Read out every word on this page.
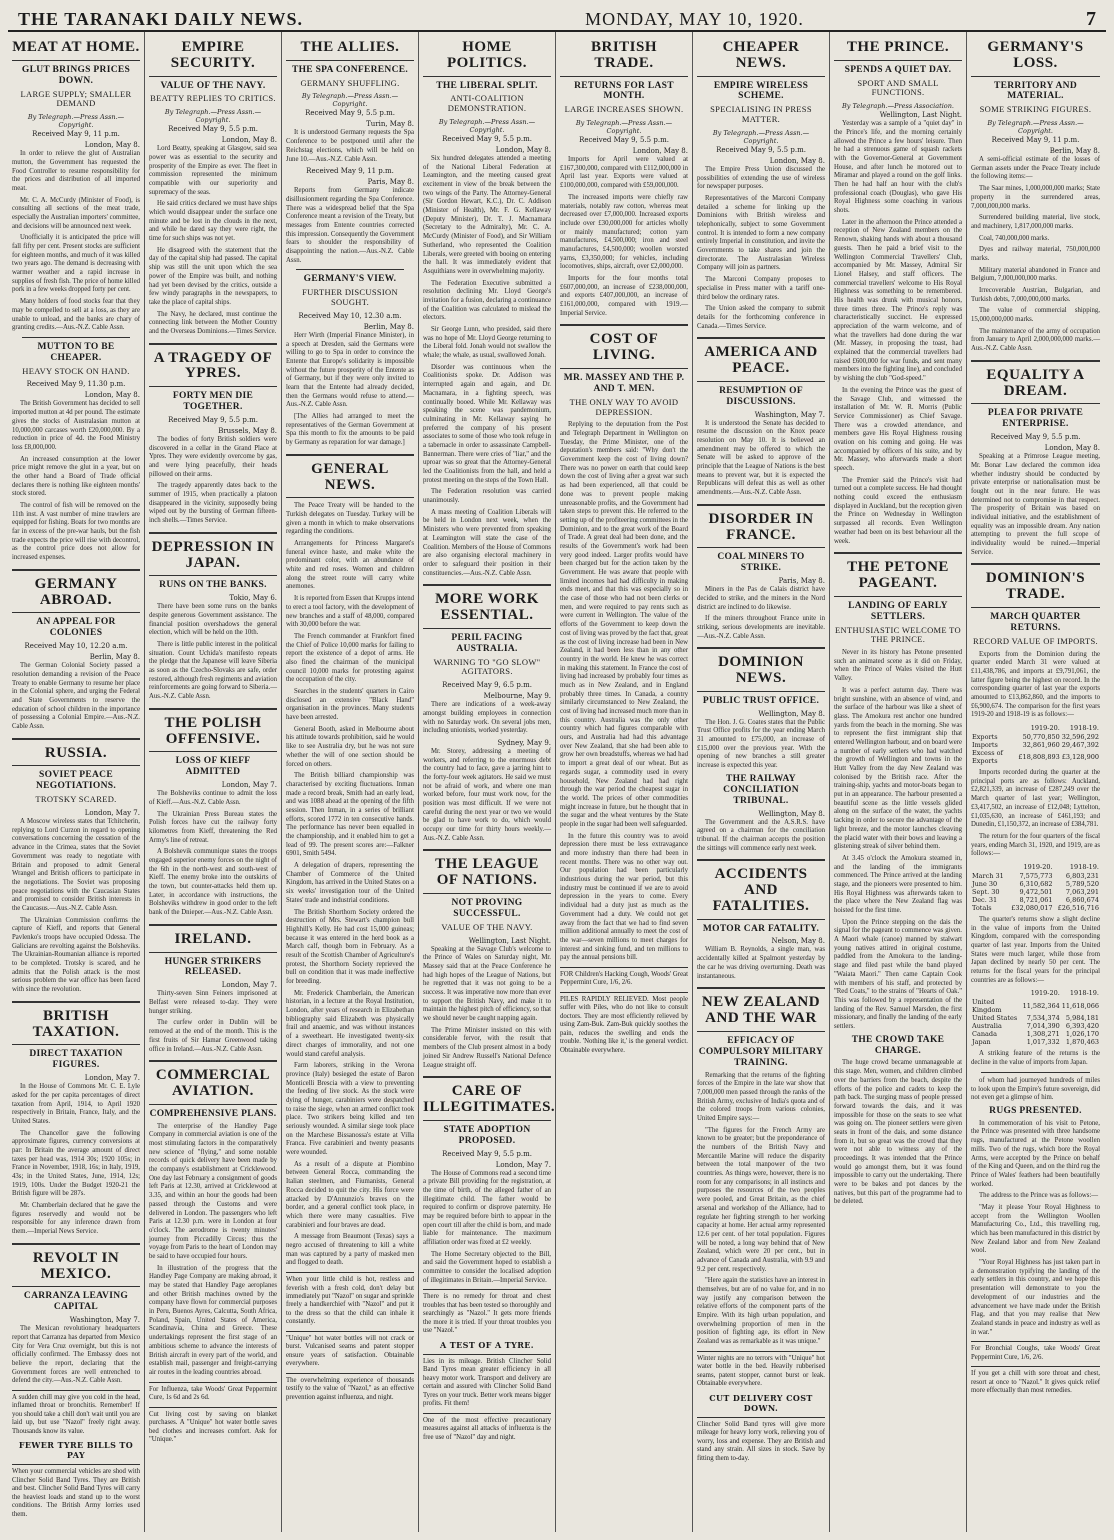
THE TARANAKI DAILY NEWS.	MONDAY, MAY 10, 1920.	7
MEAT AT HOME.
GLUT BRINGS PRICES DOWN.
LARGE SUPPLY; SMALLER DEMAND
By Telegraph.—Press Assn.—Copyright.
Received May 9, 11 p.m.
London, May 8.

In order to relieve the glut of Australian mutton, the Government has requested the Food Controller to resume responsibility for the prices and distribution of all imported meat.

Mr. C. A. McCurdy (Minister of Food), is consulting all sections of the meat trade, especially the Australian importers' committee, and decisions will be announced next week.

Unofficially it is anticipated the price will fall fifty per cent. Present stocks are sufficient for eighteen months, and much of it was killed two years ago. The demand is decreasing with warmer weather and a rapid increase in supplies of fresh fish. The price of home killed pork in a few weeks dropped forty per cent.

Many holders of food stocks fear that they may be compelled to sell at a loss, as they are unable to unload, and the banks are chary of granting credits.—Aus.-N.Z. Cable Assn.

MUTTON TO BE CHEAPER.
HEAVY STOCK ON HAND.
Received May 9, 11.30 p.m.
London, May 8.

The British Government has decided to sell imported mutton at 4d per pound. The estimate gives the stocks of Australasian mutton at 10,000,000 carcases worth £20,000,000. By a reduction in price of 4d. the Food Ministry loss £8,000,000.

An increased consumption at the lower price might remove the glut in a year, but on the other hand a Board of Trade official declares there is nothing like eighteen months' stock stored.

The control of fish will be removed on the 11th inst. A vast number of mine trawlers are equipped for fishing. Boats for two months are far in excess of the pre-war hauls, but the fish trade expects the price will rise with decontrol, as the control price does not allow for increased expenses.

GERMANY ABROAD.
AN APPEAL FOR COLONIES
Received May 10, 12.20 a.m.
Berlin, May 8.

The German Colonial Society passed a resolution demanding a revision of the Peace Treaty to enable Germany to resume her place in the Colonial sphere, and urging the Federal and State Governments to reserve the education of school children in the importance of possessing a Colonial Empire.—Aus.-N.Z. Cable Assn.

RUSSIA.
SOVIET PEACE NEGOTIATIONS.
TROTSKY SCARED.
London, May 7.

A Moscow wireless states that Tchitcherin, replying to Lord Curzon in regard to opening conversations concerning the cessation of the advance in the Crimea, states that the Soviet Government was ready to negotiate with Britain and proposed to admit General Wrangel and British officers to participate in the negotiations. The Soviet was proposing peace negotiations with the Caucasian States and promised to consider British interests in the Caucasus.—Aus.-N.Z. Cable Assn.

The Ukrainian Commission confirms the capture of Kieff, and reports that General Pavlenko's troops have occupied Odessa. The Galicians are revolting against the Bolsheviks. The Ukrainian-Roumanian alliance is reported to be completed. Trotsky is scared, and he admits that the Polish attack is the most serious problem the war office has been faced with since the revolution.

BRITISH TAXATION.
DIRECT TAXATION FIGURES.
London, May 7.

In the House of Commons Mr. C. E. Lyle asked for the per capita percentages of direct taxation from April, 1914, to April 1920 respectively in Britain, France, Italy, and the United States.

The Chancellor gave the following approximate figures, currency conversions at par: In Britain the average amount of direct taxes per head was, 1914 30s; 1920 105s; in France in November, 1918, 16s; in Italy, 1919, 43s; in the United States, June, 1914, 12s; 1919, 100s. Under the Budget 1920-21 the British figure will be 287s.

Mr. Chamberlain declared that he gave the figures reservedly and would not be responsible for any inference drawn from them.—Imperial News Service.

REVOLT IN MEXICO.
CARRANZA LEAVING CAPITAL
Washington, May 7.

The Mexican revolutionary headquarters report that Carranza has departed from Mexico City for Vera Cruz overnight, but this is not officially confirmed. The Embassy does not believe the report, declaring that the Government forces are well entrenched to defend the city.—Aus.-N.Z. Cable Assn.

A sudden chill may give you cold in the head, inflamed throat or bronchitis. Remember! If you should take a chill don't wait until you are laid up, but use "Nazol" freely right away. Thousands know its value.
FEWER TYRE BILLS TO PAY
When your commercial vehicles are shod with Clincher Solid Band Tyres. They are British and best. Clincher Solid Band Tyres will carry the heaviest loads and stand up to the worst conditions. The British Army lorries used them.
EMPIRE SECURITY.
VALUE OF THE NAVY.
BEATTY REPLIES TO CRITICS.
By Telegraph.—Press Assn.—Copyright.
Received May 9, 5.5 p.m.
London, May 8.

Lord Beatty, speaking at Glasgow, said sea power was as essential to the security and prosperity of the Empire as ever. The fleet in commission represented the minimum compatible with our superiority and supremacy of the seas.

He said critics declared we must have ships which would disappear under the surface one minute and be lost in the clouds in the next, and while he dared say they were right, the time for such ships was not yet.

He disagreed with the statement that the day of the capital ship had passed. The capital ship was still the unit upon which the sea power of the Empire was built, and nothing had yet been devised by the critics, outside a few windy paragraphs in the newspapers, to take the place of capital ships.

The Navy, he declared, must continue the connecting link between the Mother Country and the Overseas Dominions.—Times Service.

A TRAGEDY OF YPRES.
FORTY MEN DIE TOGETHER.
Received May 9, 5.5 p.m.
Brussels, May 8.

The bodies of forty British soldiers were discovered in a cellar in the Grand Place at Ypres. They were evidently overcome by gas, and were lying peacefully, their heads pillowed on their arms.

The tragedy apparently dates back to the summer of 1915, when practically a platoon disappeared in the vicinity, supposedly being wiped out by the bursting of German fifteen-inch shells.—Times Service.

DEPRESSION IN JAPAN.
RUNS ON THE BANKS.
Tokio, May 6.

There have been some runs on the banks despite generous Government assistance. The financial position overshadows the general election, which will be held on the 10th.

There is little public interest in the political situation. Count Uchida's manifesto repeats the pledge that the Japanese will leave Siberia as soon as the Czecho-Slovaks are safe, order restored, although fresh regiments and aviation reinforcements are going forward to Siberia.—Aus.-N.Z. Cable Assn.

THE POLISH OFFENSIVE.
LOSS OF KIEFF ADMITTED
London, May 7.

The Bolsheviks continue to admit the loss of Kieff.—Aus.-N.Z. Cable Assn.

The Ukrainian Press Bureau states the Polish forces have cut the railway forty kilometres from Kieff, threatening the Red Army's line of retreat.

A Bolshevik communique states the troops engaged superior enemy forces on the night of the 6th in the north-west and south-west of Kieff. The enemy broke into the outskirts of the town, but counter-attacks held them up. Later, in accordance with instructions, the Bolsheviks withdrew in good order to the left bank of the Dnieper.—Aus.-N.Z. Cable Assn.

IRELAND.
HUNGER STRIKERS RELEASED.
London, May 7.

Thirty-seven Sinn Feiners imprisoned at Belfast were released to-day. They were hunger striking.

The curfew order in Dublin will be removed at the end of the month. This is the first fruits of Sir Hamar Greenwood taking office in Ireland.—Aus.-N.Z. Cable Assn.

COMMERCIAL AVIATION.
COMPREHENSIVE PLANS.

The enterprise of the Handley Page Company in commercial aviation is one of the most stimulating factors in the comparatively new science of "flying," and some notable records of quick delivery have been made by the company's establishment at Cricklewood. One day last February a consignment of goods left Paris at 12.30, arrived at Cricklewood at 3.35, and within an hour the goods had been passed through the Customs and were delivered in London. The passengers who left Paris at 12.30 p.m. were in London at four o'clock. The aerodrome is twenty minutes' journey from Piccadilly Circus; thus the voyage from Paris to the heart of London may be said to have occupied four hours.

In illustration of the progress that the Handley Page Company are making abroad, it may be stated that Handley Page aeroplanes and other British machines owned by the company have flown for commercial purposes in Peru, Buenos Ayres, Calcutta, South Africa, Poland, Spain, United States of America, Scandinavia, China and Greece. These undertakings represent the first stage of an ambitious scheme to advance the interests of British aircraft in every part of the world, and establish mail, passenger and freight-carrying air routes in the leading countries abroad.

For Influenza, take Woods' Great Peppermint Cure, 1s 6d and 2s 6d.
Cut living cost by saving on blanket purchases. A "Unique" hot water bottle saves bed clothes and increases comfort. Ask for "Unique."
THE ALLIES.
THE SPA CONFERENCE.
GERMANY SHUFFLING.
By Telegraph.—Press Assn.—Copyright.
Received May 9, 5.5 p.m.
Turin, May 8.

It is understood Germany requests the Spa Conference to be postponed until after the Reichstag elections, which will be held on June 10.—Aus.-N.Z. Cable Assn.

Received May 9, 11 p.m.
Paris, May 8.

Reports from Germany indicate disillusionment regarding the Spa Conference. There was a widespread belief that the Spa Conference meant a revision of the Treaty, but messages from Entente countries corrected this impression. Consequently the Government fears to shoulder the responsibility of disappointing the nation.—Aus.-N.Z. Cable Assn.

GERMANY'S VIEW.
FURTHER DISCUSSION SOUGHT.
Received May 10, 12.30 a.m.
Berlin, May 8.

Herr Wirth (Imperial Finance Minister), in a speech at Dresden, said the Germans were willing to go to Spa in order to convince the Entente that Europe's solidarity is impossible without the future prosperity of the Entente as of Germany, but if they were only invited to learn that the Entente had already decided, then the Germans would refuse to attend.—Aus.-N.Z. Cable Assn.

[The Allies had arranged to meet the representatives of the German Government at Spa this month to fix the amounts to be paid by Germany as reparation for war damage.]

GENERAL NEWS.

The Peace Treaty will be handed to the Turkish delegates on Tuesday. Turkey will be given a month in which to make observations regarding the conditions.

Arrangements for Princess Margaret's funeral evince haste, and make white the predominant color, with an abundance of white and red roses. Women and children along the street route will carry white anemones.

It is reported from Essen that Krupps intend to erect a tool factory, with the development of new branches and a staff of 48,000, compared with 30,000 before the war.

The French commander at Frankfort fined the Chief of Police 10,000 marks for failing to report the existence of a depot of arms. He also fined the chairman of the municipal council 10,000 marks for protesting against the occupation of the city.

Searches in the students' quarters in Cairo disclosed an extensive "Black Hand" organisation in the provinces. Many students have been arrested.

General Booth, asked in Melbourne about his attitude towards prohibition, said he would like to see Australia dry, but he was not sure whether the will of one section should be forced on others.

The British billiard championship was characterised by exciting fluctuations. Inman made a record break, Smith had an early lead, and was 1088 ahead at the opening of the fifth session. Then Inman, in a series of brilliant efforts, scored 1772 in ten consecutive hands. The performance has never been equalled in the championship, and it enabled him to get a lead of 99. The present scores are:—Falkner 6901, Smith 5494.

A delegation of drapers, representing the Chamber of Commerce of the United Kingdom, has arrived in the United States on a six weeks' investigation tour of the United States' trade and industrial conditions.

The British Shorthorn Society ordered the destruction of Mrs. Stewart's champion bull Highhill's Kelly. He had cost 15,000 guineas; because it was entered in the herd book as a March calf, though born in February. As a result of the Scottish Chamber of Agriculture's protest, the Shorthorn Society reprieved the bull on condition that it was made ineffective for breeding.

Mr. Frederick Chamberlain, the American historian, in a lecture at the Royal Institution, London, after years of research in Elizabethan bibliography said Elizabeth was physically frail and anaemic, and was without instances of a sweetheart. He investigated twenty-six direct charges of immorality, and not one would stand careful analysis.

Farm laborers, striking in the Verona province (Italy) besieged the estate of Baron Monticelli Brescia with a view to preventing the feeding of live stock. As the stock were dying of hunger, carabiniers were despatched to raise the siege, when an armed conflict took place. Two strikers being killed and ten seriously wounded. A similar siege took place on the Marchese Bissanossa's estate at Villa Franca. Five carabinieri and twenty peasants were wounded.

As a result of a dispute at Piombino between General Rocca, commanding the Italian steelmen, and Fiumanists, General Rocca decided to quit the city. His force were attacked by D'Annunzio's braves on the border, and a general conflict took place, in which there were many casualties. Five carabinieri and four braves are dead.

A message from Beaumont (Texas) says a negro accused of threatening to kill a white man was captured by a party of masked men and flogged to death.

When your little child is hot, restless and feverish with a fresh cold, don't delay but immediately put "Nazol" on sugar and sprinkle freely a handkerchief with "Nazol" and put it to the dress so that the child can inhale it constantly.
"Unique" hot water bottles will not crack or burst. Vulcanised seams and patent stopper ensure years of satisfaction. Obtainable everywhere.
The overwhelming experience of thousands testify to the value of "Nazol," as an effective prevention against influenza, and night.
HOME POLITICS.
THE LIBERAL SPLIT.
ANTI-COALITION DEMONSTRATION.
By Telegraph.—Press Assn.—Copyright.
Received May 9, 5.5 p.m.
London, May 8.

Six hundred delegates attended a meeting of the National Liberal Federation at Leamington, and the meeting caused great excitement in view of the break between the two wings of the Party. The Attorney-General (Sir Gordon Hewart, K.C.), Dr. C. Addison (Minister of Health), Mr. F. G. Kellaway (Deputy Minister), Dr. T. J. Macnamara (Secretary to the Admiralty), Mr. C. A. McCurdy (Minister of Food), and Sir William Sutherland, who represented the Coalition Liberals, were greeted with booing on entering the hall. It was immediately evident that Asquithians were in overwhelming majority.

The Federation Executive submitted a resolution declining Mr. Lloyd George's invitation for a fusion, declaring a continuance of the Coalition was calculated to mislead the electors.

Sir George Lunn, who presided, said there was no hope of Mr. Lloyd George returning to the Liberal fold. Jonah would not swallow the whale; the whale, as usual, swallowed Jonah.

Disorder was continuous when the Coalitionists spoke. Dr. Addison was interrupted again and again, and Dr. Macnamara, in a fighting speech, was continually booed. While Mr. Kellaway was speaking the scene was pandemonium, culminating in Mr. Kellaway saying he preferred the company of his present associates to some of those who took refuge in a tabernacle in order to assassinate Campbell-Bannerman. There were cries of "liar," and the uproar was so great that the Attorney-General led the Coalitionists from the hall, and held a protest meeting on the steps of the Town Hall.

The Federation resolution was carried unanimously.

A mass meeting of Coalition Liberals will be held in London next week, when the Ministers who were prevented from speaking at Leamington will state the case of the Coalition. Members of the House of Commons are also organising electoral machinery in order to safeguard their position in their constituencies.—Aus.-N.Z. Cable Assn.

MORE WORK ESSENTIAL.
PERIL FACING AUSTRALIA.
WARNING TO "GO SLOW" AGITATORS.
Received May 9, 6.5 p.m.
Melbourne, May 9.

There are indications of a week-away amongst building employees in connection with no Saturday work. On several jobs men, including unionists, worked yesterday.

Sydney, May 9.

Mr. Storey, addressing a meeting of workers, and referring to the enormous debt the country had to face, gave a jarring hint to the forty-four week agitators. He said we must not be afraid of work, and where one man worked before, four must work now, for the position was most difficult. If we were not careful during the next year or two we would be glad to have work to do, which would occupy our time for thirty hours weekly.—Aus.-N.Z. Cable Assn.

THE LEAGUE OF NATIONS.
NOT PROVING SUCCESSFUL.
VALUE OF THE NAVY.
Wellington, Last Night.

Speaking at the Savage Club's welcome to the Prince of Wales on Saturday night, Mr. Massey said that at the Peace Conference he had high hopes of the League of Nations, but he regretted that it was not going to be a success. It was imperative now more than ever to support the British Navy, and make it to maintain the highest pitch of efficiency, so that we should never be caught napping again.

The Prime Minister insisted on this with considerable fervor, with the result that members of the Club present almost in a body joined Sir Andrew Russell's National Defence League straight off.

CARE OF ILLEGITIMATES.
STATE ADOPTION PROPOSED.
Received May 9, 5.5 p.m.
London, May 7.

The House of Commons read a second time a private Bill providing for the registration, at the time of birth, of the alleged father of an illegitimate child. The father would be required to confirm or disprove paternity. He may be required before birth to appear in the open court till after the child is born, and made liable for maintenance. The maximum affiliation order was fixed at £2 weekly.

The Home Secretary objected to the Bill, and said the Government hoped to establish a committee to consider the localised adoption of illegitimates in Britain.—Imperial Service.

There is no remedy for throat and chest troubles that has been tested so thoroughly and searchingly as "Nazol." It gets more friends the more it is tried. If your throat troubles you use "Nazol."
A TEST OF A TYRE.
Lies in its mileage. British Clincher Solid Band Tyres mean greater efficiency in all heavy motor work. Transport and delivery are certain and assured with Clincher Solid Band Tyres on your truck. Better work means bigger profits. Fit them!
One of the most effective precautionary measures against all attacks of influenza is the free use of "Nazol" day and night.
BRITISH TRADE.
RETURNS FOR LAST MONTH.
LARGE INCREASES SHOWN.
By Telegraph.—Press Assn.—Copyright.
Received May 9, 5.5 p.m.
London, May 8.

Imports for April were valued at £167,300,000, compared with £112,000,000 in April last year. Exports were valued at £100,000,000, compared with £59,000,000.

The increased imports were chiefly raw materials, notably raw cotton, whereas meat decreased over £7,000,000. Increased exports include over £30,000,000 for articles wholly or mainly manufactured; cotton yarn manufactures, £4,500,000; iron and steel manufactures, £4,500,000; woollen worsted yarns, £3,350,000; for vehicles, including locomotives, ships, aircraft, over £2,000,000.

Imports for the four months total £607,000,000, an increase of £238,000,000, and exports £407,000,000, an increase of £161,000,000, compared with 1919.—Imperial Service.

COST OF LIVING.
MR. MASSEY AND THE P. AND T. MEN.
THE ONLY WAY TO AVOID DEPRESSION.

Replying to the deputation from the Post and Telegraph Department in Wellington on Tuesday, the Prime Minister, one of the deputation's members said: "Why don't the Government keep the cost of living down? There was no power on earth that could keep down the cost of living after a great war such as had been experienced, all that could be done was to prevent people making unreasonable profits, and the Government had taken steps to prevent this. He referred to the setting up of the profiteering committees in the Dominion, and to the great work of the Board of Trade. A great deal had been done, and the results of the Government's work had been very good indeed. Larger profits would have been charged but for the action taken by the Government. He was aware that people with limited incomes had had difficulty in making ends meet, and that this was especially so in the case of those who had not been clerks or men, and were required to pay rents such as were current in Wellington. The value of the efforts of the Government to keep down the cost of living was proved by the fact that, great as the cost of living increase had been in New Zealand, it had been less than in any other country in the world. He knew he was correct in making this statement. In France the cost of living had increased by probably four times as much as in New Zealand, and in England probably three times. In Canada, a country similarly circumstanced to New Zealand, the cost of living had increased much more than in this country. Australia was the only other country which had figures comparable with ours, and Australia had had this advantage over New Zealand, that she had been able to grow her own breadstuffs, whereas we had had to import a great deal of our wheat. But as regards sugar, a commodity used in every household, New Zealand had had right through the war period the cheapest sugar in the world. The prices of other commodities might increase in future, but he thought that in the sugar and the wheat ventures by the State people in the sugar had been well safeguarded.

In the future this country was to avoid depression there must be less extravagance and more industry than there had been in recent months. There was no other way out. Our population had been particularly industrious during the war period, but this industry must be continued if we are to avoid depression in the years to come. Every individual had a duty just as much as the Government had a duty. We could not get away from the fact that we had to find seven million additional annually to meet the cost of the war—seven millions to meet charges for interest and sinking fund, and ten millions to pay the annual pensions bill.

FOR Children's Hacking Cough, Woods' Great Peppermint Cure, 1/6, 2/6.
PILES RAPIDLY RELIEVED. Most people suffer with Piles, who do not like to consult doctors. They are most efficiently relieved by using Zam-Buk. Zam-Buk quickly soothes the pain, reduces the swelling and ends the trouble. 'Nothing like it,' is the general verdict. Obtainable everywhere.
CHEAPER NEWS.
EMPIRE WIRELESS SCHEME.
SPECIALISING IN PRESS MATTER.
By Telegraph.—Press Assn.—Copyright.
Received May 9, 5.5 p.m.
London, May 8.

The Empire Press Union discussed the possibilities of extending the use of wireless for newspaper purposes.

Representatives of the Marconi Company detailed a scheme for linking up the Dominions with British wireless and telephonically, subject to some Government control. It is intended to form a new company entirely Imperial in constitution, and invite the Governments to take shares and join the directorate. The Australasian Wireless Company will join as partners.

The Marconi Company proposes to specialise in Press matter with a tariff one-third below the ordinary rates.

The Union asked the company to submit details for the forthcoming conference in Canada.—Times Service.

AMERICA AND PEACE.
RESUMPTION OF DISCUSSIONS.
Washington, May 7.

It is understood the Senate has decided to resume the discussion on the Knox peace resolution on May 10. It is believed an amendment may be offered to which the Senate will be asked to approve of the principle that the League of Nations is the best means to prevent war, but it is expected the Republicans will defeat this as well as other amendments.—Aus.-N.Z. Cable Assn.

DISORDER IN FRANCE.
COAL MINERS TO STRIKE.
Paris, May 8.

Miners in the Pas de Calais district have decided to strike, and the miners in the Nord district are inclined to do likewise.

If the miners throughout France unite in striking, serious developments are inevitable.—Aus.-N.Z. Cable Assn.

DOMINION NEWS.
PUBLIC TRUST OFFICE.
Wellington, May 8.

The Hon. J. G. Coates states that the Public Trust Office profits for the year ending March 31 amounted to £75,000, an increase of £15,000 over the previous year. With the opening of new branches a still greater increase is expected this year.

THE RAILWAY CONCILIATION TRIBUNAL.
Wellington, May 8.

The Government and the A.S.R.S. have agreed on a chairman for the conciliation tribunal. If the chairman accepts the position the sittings will commence early next week.

ACCIDENTS AND FATALITIES.
MOTOR CAR FATALITY.
Nelson, May 8.

William B. Reynolds, a single man, was accidentally killed at Spalmont yesterday by the car he was driving overturning. Death was instantaneous.

NEW ZEALAND AND THE WAR
EFFICACY OF COMPULSORY MILITARY TRAINING.

Remarking that the returns of the fighting forces of the Empire in the late war show that 7,000,000 men passed through the ranks of the British Army, exclusive of India's quota and of the colored troops from various colonies, United Empire says:—

"The figures for the French Army are known to be greater; but the preponderance of the numbers of the British Navy and Mercantile Marine will reduce the disparity between the total manpower of the two countries. As things were, however, there is no room for any comparisons; in all instincts and purposes the resources of the two peoples were pooled, and Great Britain, as the chief arsenal and workshop of the Alliance, had to regulate her fighting strength to her working capacity at home. Her actual army represented 12.6 per cent. of her total population. Figures will be noted, a long way behind that of New Zealand, which were 20 per cent., but in advance of Canada and Australia, with 9.9 and 9.2 per cent. respectively.

"Here again the statistics have an interest in themselves, but are of no value for, and in no way justify any comparison between the relative efforts of the component parts of the Empire. With its high urban population, and overwhelming proportion of men in the position of fighting age, its effort in New Zealand was as remarkable as it was unique."

Winter nights are no terrors with "Unique" hot water bottle in the bed. Heavily rubberised seams, patent stopper, cannot burst or leak. Obtainable everywhere.
CUT DELIVERY COST DOWN.
Clincher Solid Band tyres will give more mileage for heavy lorry work, relieving you of worry, loss and expense. They are British and stand any strain. All sizes in stock. Save by fitting them to-day.
THE PRINCE.
SPENDS A QUIET DAY.
SPORT AND SMALL FUNCTIONS.
By Telegraph.—Press Association.
Wellington, Last Night.

Yesterday was a sample of a "quiet day" in the Prince's life, and the morning certainly allowed the Prince a few hours' leisure. Then he had a strenuous game of squash rackets with the Governor-General at Government House, and after lunch he motored out to Miramar and played a round on the golf links. Then he had half an hour with the club's professional coach (Douglas), who gave His Royal Highness some coaching in various shots.

Later in the afternoon the Prince attended a reception of New Zealand members on the Renown, shaking hands with about a thousand guests. Then he paid a brief visit to the Wellington Commercial Travellers' Club, accompanied by Mr. Massey, Admiral Sir Lionel Halsey, and staff officers. The commercial travellers' welcome to His Royal Highness was something to be remembered. His health was drunk with musical honors, three times three. The Prince's reply was characteristically succinct. He expressed appreciation of the warm welcome, and of what the travellers had done during the war (Mr. Massey, in proposing the toast, had explained that the commercial travellers had raised £600,000 for war funds, and sent many members into the fighting line), and concluded by wishing the club "God-speed."

In the evening the Prince was the guest of the Savage Club, and witnessed the installation of Mr. W. R. Morris (Public Service Commissioner) as Chief Savage. There was a crowded attendance, and members gave His Royal Highness rousing ovation on his coming and going. He was accompanied by officers of his suite, and by Mr. Massey, who afterwards made a short speech.

The Premier said the Prince's visit had turned out a complete success. He had thought nothing could exceed the enthusiasm displayed in Auckland, but the reception given the Prince on Wednesday in Wellington surpassed all records. Even Wellington weather had been on its best behaviour all the week.

THE PETONE PAGEANT.
LANDING OF EARLY SETTLERS.
ENTHUSIASTIC WELCOME TO THE PRINCE.

Never in its history has Petone presented such an animated scene as it did on Friday, when the Prince of Wales visited the Hutt Valley.

It was a perfect autumn day. There was bright sunshine, with an absence of wind, and the surface of the harbour was like a sheet of glass. The Amokura rest anchor one hundred yards from the beach in the morning. She was to represent the first immigrant ship that entered Wellington harbour, and on board were a number of early settlers who had watched the growth of Wellington and towns in the Hutt Valley from the day New Zealand was colonised by the British race. After the training-ship, yachts and motor-boats began to put in an appearance. The harbour presented a beautiful scene as the little vessels glided along on the surface of the water, the yachts tacking in order to secure the advantage of the light breeze, and the motor launches cleaving the placid water with their bows and leaving a glistening streak of silver behind them.

At 3.45 o'clock the Amokura steamed in, and the landing of the immigrants commenced. The Prince arrived at the landing stage, and the pioneers were presented to him. His Royal Highness was afterwards taken to the place where the New Zealand flag was hoisted for the first time.

Upon the Prince stepping on the dais the signal for the pageant to commence was given. A Maori whale (canoe) manned by stalwart young natives attired in original costume, paddled from the Amokura to the landing-stage and filed past while the band played "Waiata Maori." Then came Captain Cook with members of his staff, and protected by "Red Coats," to the strains of "Hearts of Oak." This was followed by a representation of the landing of the Rev. Samuel Marsden, the first missionary, and finally the landing of the early settlers.

THE CROWD TAKE CHARGE.

The huge crowd became unmanageable at this stage. Men, women, and children climbed over the barriers from the beach, despite the efforts of the police and cadets to keep the path back. The surging mass of people pressed forward towards the dais, and it was impossible for those on the seats to see what was going on. The pioneer settlers were given seats in front of the dais, and some distance from it, but so great was the crowd that they were not able to witness any of the proceedings. It was intended that the Prince would go amongst them, but it was found impossible to carry out the undertaking. There were to be bakes and pot dances by the natives, but this part of the programme had to be deleted.

GERMANY'S LOSS.
TERRITORY AND MATERIAL.
SOME STRIKING FIGURES.
By Telegraph.—Press Assn.—Copyright.
Received May 9, 11 p.m.
Berlin, May 8.

A semi-official estimate of the losses of German assets under the Peace Treaty include the following items:—

The Saar mines, 1,000,000,000 marks; State property in the surrendered areas, 7,000,000,000 marks.

Surrendered building material, live stock, and machinery, 1,817,000,000 marks.

Coal, 740,000,000 marks.

Dyes and railway material, 750,000,000 marks.

Military material abandoned in France and Belgium, 7,000,000,000 marks.

Irrecoverable Austrian, Bulgarian, and Turkish debts, 7,000,000,000 marks.

The value of commercial shipping, 15,000,000,000 marks.

The maintenance of the army of occupation from January to April 2,000,000,000 marks.—Aus.-N.Z. Cable Assn.

EQUALITY A DREAM.
PLEA FOR PRIVATE ENTERPRISE.
Received May 9, 5.5 p.m.
London, May 8.

Speaking at a Primrose League meeting, Mr. Bonar Law declared the common idea whether industry should be conducted by private enterprise or nationalisation must be fought out in the near future. He was determined not to compromise in that respect. The prosperity of Britain was based on individual initiative, and the establishment of equality was an impossible dream. Any nation attempting to prevent the full scope of individuality would be ruined.—Imperial Service.

DOMINION'S TRADE.
MARCH QUARTER RETURNS.
RECORD VALUE OF IMPORTS.

Exports from the Dominion during the quarter ended March 31 were valued at £11,438,786, and imports at £9,791,061, the latter figure being the highest on record. In the corresponding quarter of last year the exports amounted to £13,862,860, and the imports to £6,900,674. The comparison for the first years 1919-20 and 1918-19 is as follows:—

	1919-20.	1918-19.
Exports	50,770,850	32,596,292
Imports	32,861,960	29,467,392
Excess of Exports	£18,808,893	£3,128,900

Imports recorded during the quarter at the principal ports are as follows: Auckland, £2,821,339, an increase of £287,249 over the March quarter of last year; Wellington, £3,417,502, an increase of £12,048; Lyttelton, £1,035,630, an increase of £461,193; and Dunedin, £1,150,372, an increase of £384,781.

The return for the four quarters of the fiscal years, ending March 31, 1920, and 1919, are as follows:—

	1919-20.	1918-19.
March 31	7,575,773	6,803,231
June 30	6,310,682	5,789,520
Sept. 30	9,472,501	7,063,291
Dec. 31	8,721,061	6,860,674
Totals	£32,080,017	£26,516,716

The quarter's returns show a slight decline in the value of imports from the United Kingdom, compared with the corresponding quarter of last year. Imports from the United States were much larger, while those from Japan declined by nearly 50 per cent. The returns for the fiscal years for the principal countries are as follows:—

	1919-20.	1918-19.
United Kingdom	11,582,364	11,618,066
United States	7,534,374	5,984,181
Australia	7,014,390	6,393,420
Canada	1,308,271	1,026,170
Japan	1,017,332	1,870,463

A striking feature of the returns is the decline in the value of imports from Japan.

of whom had journeyed hundreds of miles to look upon the Empire's future sovereign, did not even get a glimpse of him.

RUGS PRESENTED.

In commemoration of his visit to Petone, the Prince was presented with three handsome rugs, manufactured at the Petone woollen mills. Two of the rugs, which bore the Royal Arms, were accepted by the Prince on behalf of the King and Queen, and on the third rug the Prince of Wales' feathers had been beautifully worked.

The address to the Prince was as follows:—

"May it please Your Royal Highness to accept from the Wellington Woollen Manufacturing Co., Ltd., this travelling rug, which has been manufactured in this district by New Zealand labor and from New Zealand wool.

"Your Royal Highness has just taken part in a demonstration typifying the landing of the early settlers in this country, and we hope this presentation will demonstrate to you the development of our industries and the advancement we have made under the British Flag, and that you may realise that New Zealand stands in peace and industry as well as in war."

For Bronchial Coughs, take Woods' Great Peppermint Cure, 1/6, 2/6.
If you get a chill with sore throat and chest, resort at once to "Nazol." It gives quick relief more effectually than most remedies.
